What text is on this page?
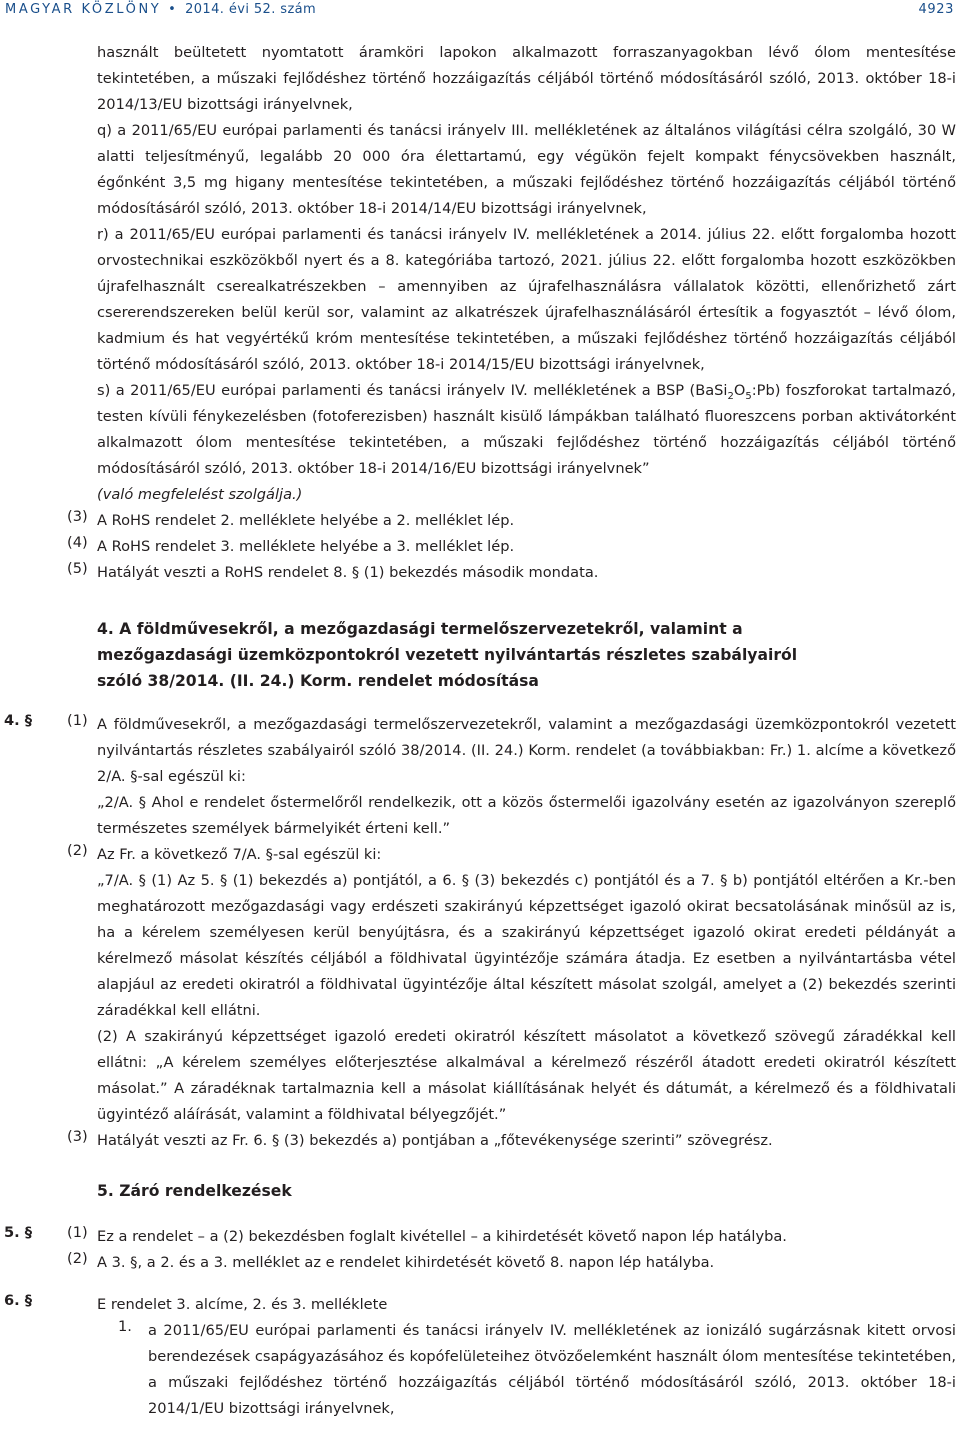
MAGYAR KÖZLÖNY • 2014. évi 52. szám	4923

használt beültetett nyomtatott áramköri lapokon alkalmazott forraszanyagokban lévő ólom mentesítése tekintetében, a műszaki fejlődéshez történő hozzáigazítás céljából történő módosításáról szóló, 2013. október 18-i 2014/13/EU bizottsági irányelvnek,

q) a 2011/65/EU európai parlamenti és tanácsi irányelv III. mellékletének az általános világítási célra szolgáló, 30 W alatti teljesítményű, legalább 20 000 óra élettartamú, egy végükön fejelt kompakt fénycsövekben használt, égőnként 3,5 mg higany mentesítése tekintetében, a műszaki fejlődéshez történő hozzáigazítás céljából történő módosításáról szóló, 2013. október 18-i 2014/14/EU bizottsági irányelvnek,

r) a 2011/65/EU európai parlamenti és tanácsi irányelv IV. mellékletének a 2014. július 22. előtt forgalomba hozott orvostechnikai eszközökből nyert és a 8. kategóriába tartozó, 2021. július 22. előtt forgalomba hozott eszközökben újrafelhasznált cserealkatrészekben – amennyiben az újrafelhasználásra vállalatok közötti, ellenőrizhető zárt csererendszereken belül kerül sor, valamint az alkatrészek újrafelhasználásáról értesítik a fogyasztót – lévő ólom, kadmium és hat vegyértékű króm mentesítése tekintetében, a műszaki fejlődéshez történő hozzáigazítás céljából történő módosításáról szóló, 2013. október 18-i 2014/15/EU bizottsági irányelvnek,

s) a 2011/65/EU európai parlamenti és tanácsi irányelv IV. mellékletének a BSP $(BaSi_2O_5:Pb)$ foszforokat tartalmazó, testen kívüli fénykezelésben (fotoferezisben) használt kisülő lámpákban található fluoreszcens porban aktivátorként alkalmazott ólom mentesítése tekintetében, a műszaki fejlődéshez történő hozzáigazítás céljából történő módosításáról szóló, 2013. október 18-i 2014/16/EU bizottsági irányelvnek”

(való megfelelést szolgálja.)

(3) A RoHS rendelet 2. melléklete helyébe a 2. melléklet lép.

(4) A RoHS rendelet 3. melléklete helyébe a 3. melléklet lép.

(5) Hatályát veszti a RoHS rendelet 8. § (1) bekezdés második mondata.

4. A földművesekről, a mezőgazdasági termelőszervezetekről, valamint a mezőgazdasági üzemközpontokról vezetett nyilvántartás részletes szabályairól szóló 38/2014. (II. 24.) Korm. rendelet módosítása
4. § (1) A földművesekről, a mezőgazdasági termelőszervezetekről, valamint a mezőgazdasági üzemközpontokról vezetett nyilvántartás részletes szabályairól szóló 38/2014. (II. 24.) Korm. rendelet (a továbbiakban: Fr.) 1. alcíme a következő 2/A. §-sal egészül ki:

„2/A. § Ahol e rendelet őstermelőről rendelkezik, ott a közös őstermelői igazolvány esetén az igazolványon szereplő természetes személyek bármelyikét érteni kell.”

(2) Az Fr. a következő 7/A. §-sal egészül ki:

„7/A. § (1) Az 5. § (1) bekezdés a) pontjától, a 6. § (3) bekezdés c) pontjától és a 7. § b) pontjától eltérően a Kr.-ben meghatározott mezőgazdasági vagy erdészeti szakirányú képzettséget igazoló okirat becsatolásának minősül az is, ha a kérelem személyesen kerül benyújtásra, és a szakirányú képzettséget igazoló okirat eredeti példányát a kérelmező másolat készítés céljából a földhivatal ügyintézője számára átadja. Ez esetben a nyilvántartásba vétel alapjául az eredeti okiratról a földhivatal ügyintézője által készített másolat szolgál, amelyet a (2) bekezdés szerinti záradékkal kell ellátni.

(2) A szakirányú képzettséget igazoló eredeti okiratról készített másolatot a következő szövegű záradékkal kell ellátni: „A kérelem személyes előterjesztése alkalmával a kérelmező részéről átadott eredeti okiratról készített másolat.” A záradéknak tartalmaznia kell a másolat kiállításának helyét és dátumát, a kérelmező és a földhivatali ügyintéző aláírását, valamint a földhivatal bélyegzőjét.”

(3) Hatályát veszti az Fr. 6. § (3) bekezdés a) pontjában a „főtevékenysége szerinti” szövegrész.

5. Záró rendelkezések
5. § (1) Ez a rendelet – a (2) bekezdésben foglalt kivétellel – a kihirdetését követő napon lép hatályba.

(2) A 3. §, a 2. és a 3. melléklet az e rendelet kihirdetését követő 8. napon lép hatályba.

6. §	E rendelet 3. alcíme, 2. és 3. melléklete

1. a 2011/65/EU európai parlamenti és tanácsi irányelv IV. mellékletének az ionizáló sugárzásnak kitett orvosi berendezések csapágyazásához és kopófelületeihez ötvözőelemként használt ólom mentesítése tekintetében, a műszaki fejlődéshez történő hozzáigazítás céljából történő módosításáról szóló, 2013. október 18-i 2014/1/EU bizottsági irányelvnek,
